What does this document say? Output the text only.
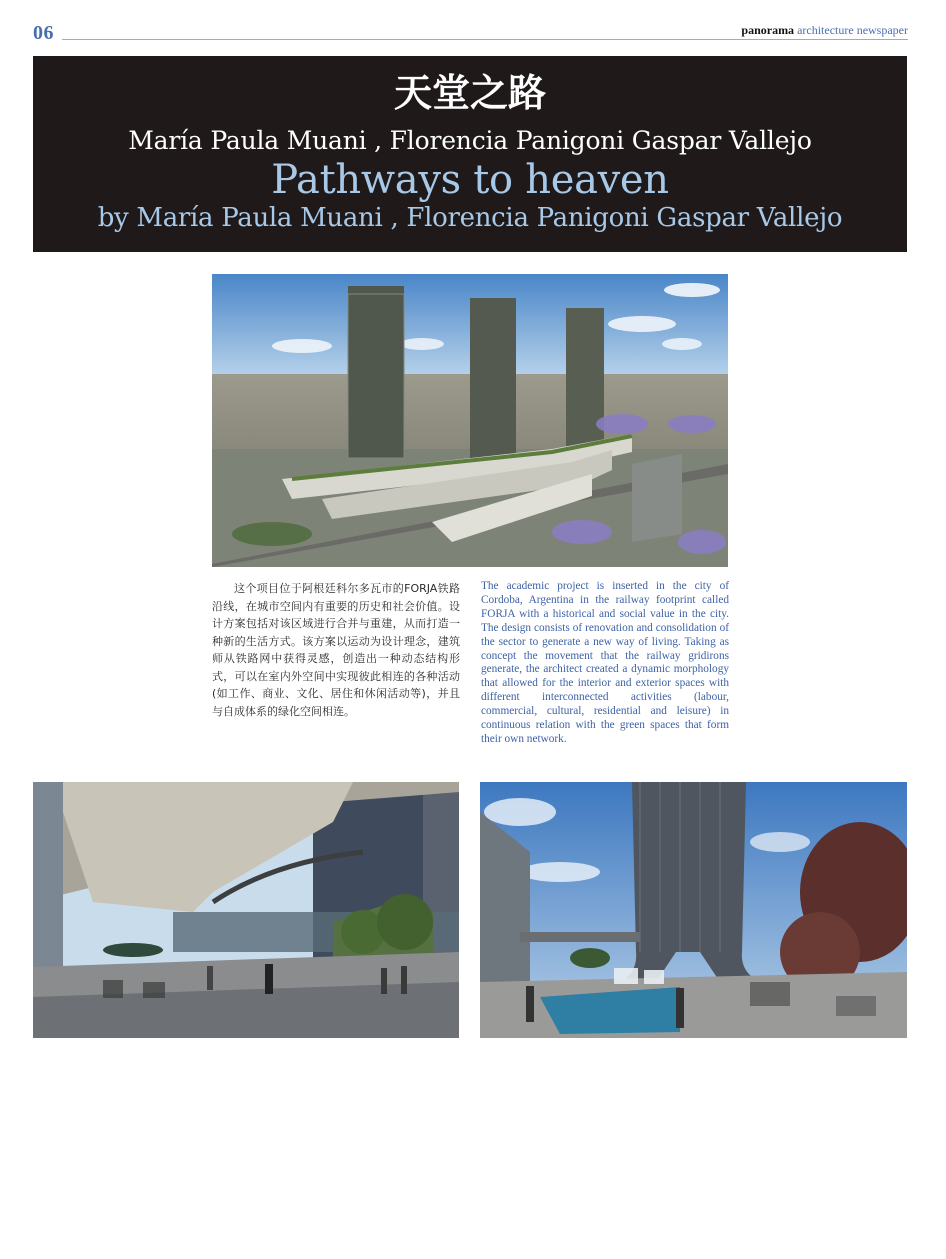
06	panorama architecture newspaper
天堂之路
María Paula Muani , Florencia Panigoni Gaspar Vallejo
Pathways to heaven
by María Paula Muani , Florencia Panigoni Gaspar Vallejo
这个项目位于阿根廷科尔多瓦市的FORJA铁路沿线，在城市空间内有重要的历史和社会价值。设计方案包括对该区域进行合并与重建，从而打造一种新的生活方式。该方案以运动为设计理念，建筑师从铁路网中获得灵感，创造出一种动态结构形式，可以在室内外空间中实现彼此相连的各种活动(如工作、商业、文化、居住和休闲活动等)，并且与自成体系的绿化空间相连。
The academic project is inserted in the city of Cordoba, Argentina in the railway footprint called FORJA with a historical and social value in the city. The design consists of renovation and consolidation of the sector to generate a new way of living. Taking as concept the movement that the railway gridirons generate, the architect created a dynamic morphology that allowed for the interior and exterior spaces with different interconnected activities (labour, commercial, cultural, residential and leisure) in continuous relation with the green spaces that form their own network.
